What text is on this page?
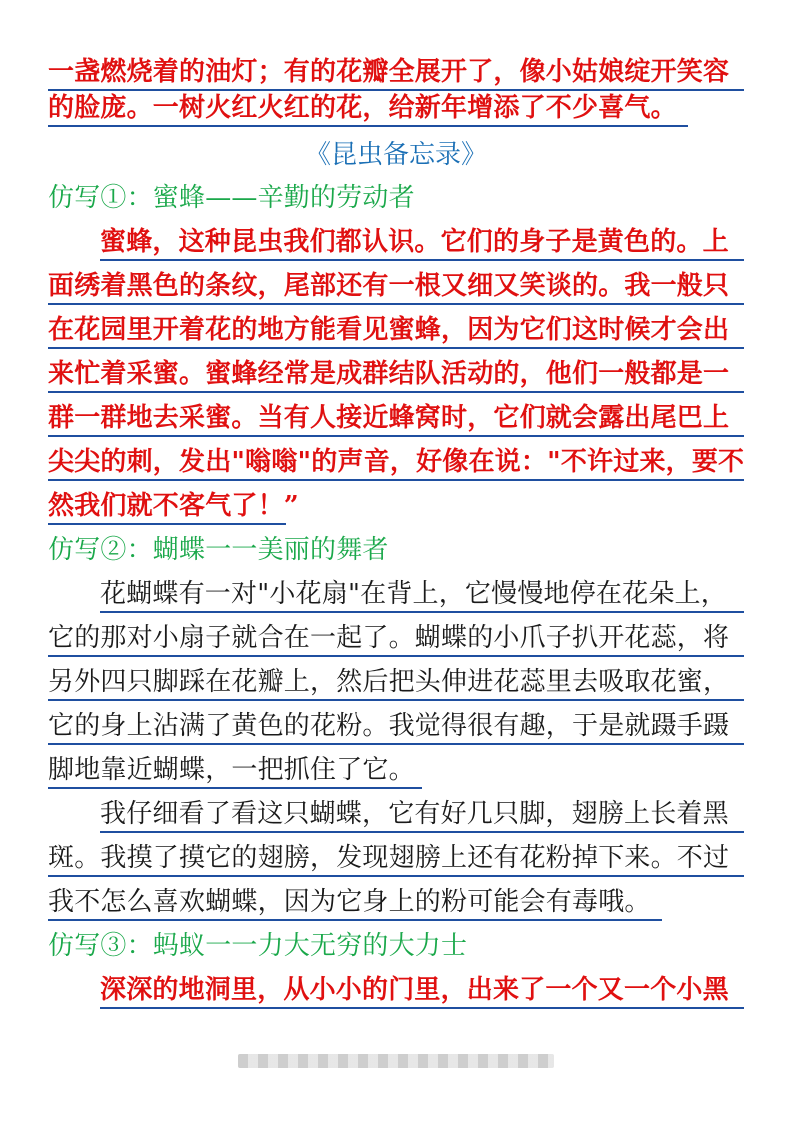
一盏燃烧着的油灯；有的花瓣全展开了，像小姑娘绽开笑容
的脸庞。一树火红火红的花，给新年增添了不少喜气。
《昆虫备忘录》
仿写①：蜜蜂——辛勤的劳动者
蜜蜂，这种昆虫我们都认识。它们的身子是黄色的。上
面绣着黑色的条纹，尾部还有一根又细又笑谈的。我一般只
在花园里开着花的地方能看见蜜蜂，因为它们这时候才会出
来忙着采蜜。蜜蜂经常是成群结队活动的，他们一般都是一
群一群地去采蜜。当有人接近蜂窝时，它们就会露出尾巴上
尖尖的刺，发出"嗡嗡"的声音，好像在说："不许过来，要不
然我们就不客气了！”
仿写②：蝴蝶一一美丽的舞者
花蝴蝶有一对"小花扇"在背上，它慢慢地停在花朵上，
它的那对小扇子就合在一起了。蝴蝶的小爪子扒开花蕊，将
另外四只脚踩在花瓣上，然后把头伸进花蕊里去吸取花蜜，
它的身上沾满了黄色的花粉。我觉得很有趣，于是就蹑手蹑
脚地靠近蝴蝶，一把抓住了它。
我仔细看了看这只蝴蝶，它有好几只脚，翅膀上长着黑
斑。我摸了摸它的翅膀，发现翅膀上还有花粉掉下来。不过
我不怎么喜欢蝴蝶，因为它身上的粉可能会有毒哦。
仿写③：蚂蚁一一力大无穷的大力士
深深的地洞里，从小小的门里，出来了一个又一个小黑
